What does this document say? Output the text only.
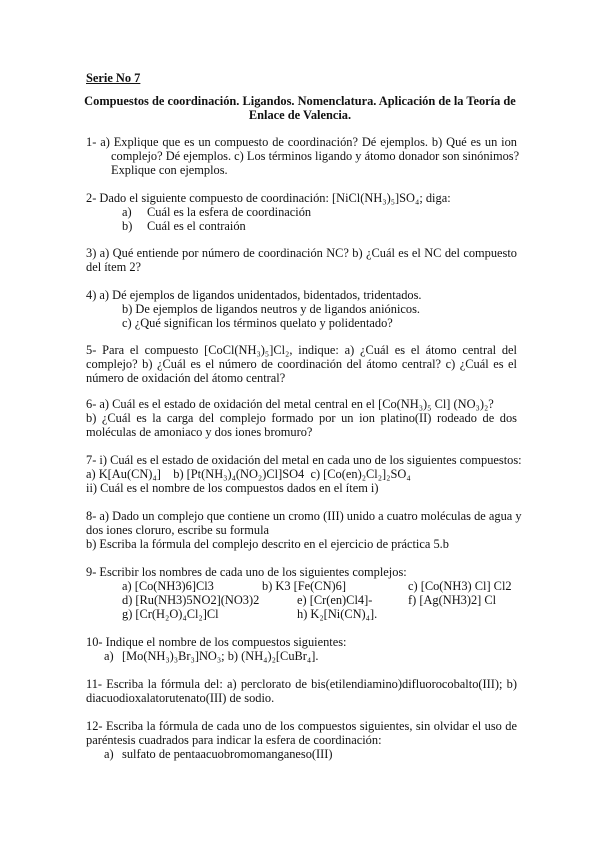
Serie No 7
Compuestos de coordinación. Ligandos. Nomenclatura. Aplicación de la Teoría de
Enlace de Valencia.
1- a) Explique que es un compuesto de coordinación? Dé ejemplos. b) Qué es un ion
complejo? Dé ejemplos. c) Los términos ligando y átomo donador son sinónimos?
Explique con ejemplos.
2- Dado el siguiente compuesto de coordinación: [NiCl(NH₃)₅]SO₄; diga:
a) Cuál es la esfera de coordinación
b) Cuál es el contraión
3) a) Qué entiende por número de coordinación NC? b) ¿Cuál es el NC del compuesto
del ítem 2?
4) a) Dé ejemplos de ligandos unidentados, bidentados, tridentados.
b) De ejemplos de ligandos neutros y de ligandos aniónicos.
c) ¿Qué significan los términos quelato y polidentado?
5- Para el compuesto [CoCl(NH₃)₅]Cl₂, indique: a) ¿Cuál es el átomo central del
complejo? b) ¿Cuál es el número de coordinación del átomo central? c) ¿Cuál es el
número de oxidación del átomo central?
6- a) Cuál es el estado de oxidación del metal central en el [Co(NH₃)₅ Cl] (NO₃)₂?
b) ¿Cuál es la carga del complejo formado por un ion platino(II) rodeado de dos
moléculas de amoniaco y dos iones bromuro?
7- i) Cuál es el estado de oxidación del metal en cada uno de los siguientes compuestos:
a) K[Au(CN)₄]    b) [Pt(NH₃)₄(NO₂)Cl]SO4  c) [Co(en)₂Cl₂]₂SO₄
ii) Cuál es el nombre de los compuestos dados en el ítem i)
8- a) Dado un complejo que contiene un cromo (III) unido a cuatro moléculas de agua y
dos iones cloruro, escribe su formula
b) Escriba la fórmula del complejo descrito en el ejercicio de práctica 5.b
9- Escribir los nombres de cada uno de los siguientes complejos:
a) [Co(NH3)6]Cl3	b) K3 [Fe(CN)6]	c) [Co(NH3) Cl] Cl2
d) [Ru(NH3)5NO2](NO3)2	e) [Cr(en)Cl4]-	f) [Ag(NH3)2] Cl
g) [Cr(H₂O)₄Cl₂]Cl	h) K₂[Ni(CN)₄].
10- Indique el nombre de los compuestos siguientes:
a) [Mo(NH₃)₃Br₃]NO₃; b) (NH₄)₂[CuBr₄].
11- Escriba la fórmula del: a) perclorato de bis(etilendiamino)difluorocobalto(III); b)
diacuodioxalatorutenato(III) de sodio.
12- Escriba la fórmula de cada uno de los compuestos siguientes, sin olvidar el uso de
paréntesis cuadrados para indicar la esfera de coordinación:
a) sulfato de pentaacuobromomanganeso(III)
